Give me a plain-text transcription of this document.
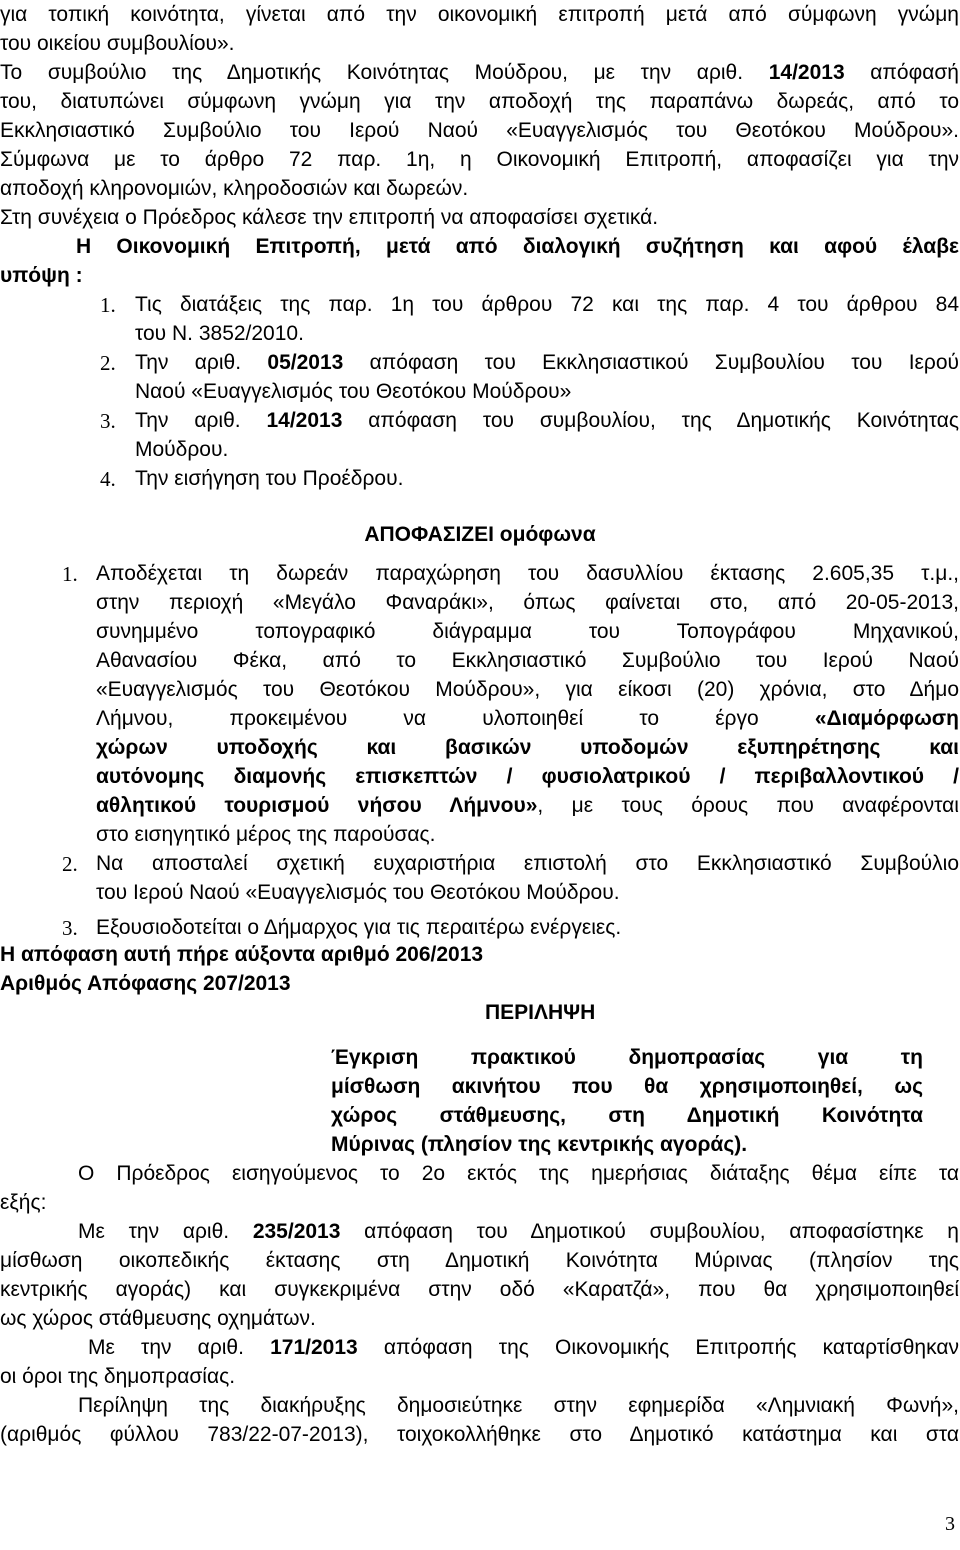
για τοπική κοινότητα, γίνεται από την οικονομική επιτροπή μετά από σύμφωνη γνώμη
του οικείου συμβουλίου».
Το συμβούλιο της Δημοτικής Κοινότητας Μούδρου, με την αριθ. 14/2013 απόφασή
του, διατυπώνει σύμφωνη γνώμη για την αποδοχή της παραπάνω δωρεάς, από το
Εκκλησιαστικό Συμβούλιο του Ιερού Ναού «Ευαγγελισμός του Θεοτόκου Μούδρου».
Σύμφωνα με το άρθρο 72 παρ. 1η, η Οικονομική Επιτροπή, αποφασίζει για την
αποδοχή κληρονομιών, κληροδοσιών και δωρεών.
Στη συνέχεια ο Πρόεδρος κάλεσε την επιτροπή να αποφασίσει σχετικά.
Η Οικονομική Επιτροπή, μετά από διαλογική συζήτηση και αφού έλαβε
υπόψη :
1. Τις διατάξεις της παρ. 1η του άρθρου 72 και της παρ. 4 του άρθρου 84
του Ν. 3852/2010.
2. Την αριθ. 05/2013 απόφαση του Εκκλησιαστικού Συμβουλίου του Ιερού
Ναού «Ευαγγελισμός του Θεοτόκου Μούδρου»
3. Την αριθ. 14/2013 απόφαση του συμβουλίου, της Δημοτικής Κοινότητας
Μούδρου.
4. Την εισήγηση του Προέδρου.
ΑΠΟΦΑΣΙΖΕΙ ομόφωνα
1. Αποδέχεται τη δωρεάν παραχώρηση του δασυλλίου έκτασης 2.605,35 τ.μ.,
στην περιοχή «Μεγάλο Φαναράκι», όπως φαίνεται στο, από 20-05-2013,
συνημμένο τοπογραφικό διάγραμμα του Τοπογράφου Μηχανικού,
Αθανασίου Φέκα, από το Εκκλησιαστικό Συμβούλιο του Ιερού Ναού
«Ευαγγελισμός του Θεοτόκου Μούδρου», για είκοσι (20) χρόνια, στο Δήμο
Λήμνου, προκειμένου να υλοποιηθεί το έργο «Διαμόρφωση
χώρων υποδοχής και βασικών υποδομών εξυπηρέτησης και
αυτόνομης διαμονής επισκεπτών / φυσιολατρικού / περιβαλλοντικού /
αθλητικού τουρισμού νήσου Λήμνου», με τους όρους που αναφέρονται
στο εισηγητικό μέρος της παρούσας.
2. Να αποσταλεί σχετική ευχαριστήρια επιστολή στο Εκκλησιαστικό Συμβούλιο
του Ιερού Ναού «Ευαγγελισμός του Θεοτόκου Μούδρου.
3. Εξουσιοδοτείται ο Δήμαρχος για τις περαιτέρω ενέργειες.
Η απόφαση αυτή πήρε αύξοντα αριθμό 206/2013
Αριθμός Απόφασης 207/2013
ΠΕΡΙΛΗΨΗ
Έγκριση πρακτικού δημοπρασίας για τη
μίσθωση ακινήτου που θα χρησιμοποιηθεί, ως
χώρος στάθμευσης, στη Δημοτική Κοινότητα
Μύρινας (πλησίον της κεντρικής αγοράς).
Ο Πρόεδρος εισηγούμενος το 2ο εκτός της ημερήσιας διάταξης θέμα είπε τα
εξής:
Με την αριθ. 235/2013 απόφαση του Δημοτικού συμβουλίου, αποφασίστηκε η
μίσθωση οικοπεδικής έκτασης στη Δημοτική Κοινότητα Μύρινας (πλησίον της
κεντρικής αγοράς) και συγκεκριμένα στην οδό «Καρατζά», που θα χρησιμοποιηθεί
ως χώρος στάθμευσης οχημάτων.
Με την αριθ. 171/2013 απόφαση της Οικονομικής Επιτροπής καταρτίσθηκαν
οι όροι της δημοπρασίας.
Περίληψη της διακήρυξης δημοσιεύτηκε στην εφημερίδα «Λημνιακή Φωνή»,
(αριθμός φύλλου 783/22-07-2013), τοιχοκολλήθηκε στο Δημοτικό κατάστημα και στα
3
